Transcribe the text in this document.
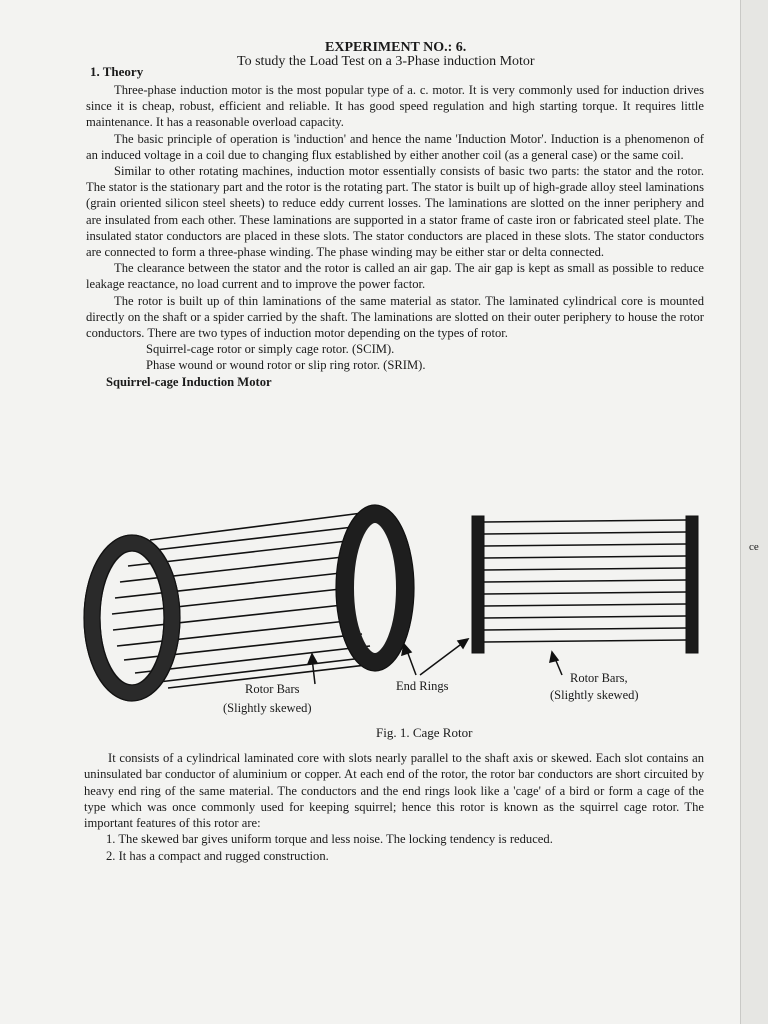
ce
EXPERIMENT NO.: 6.
To study the Load Test on a 3-Phase induction Motor
1. Theory

Three-phase induction motor is the most popular type of a. c. motor. It is very commonly used for induction drives since it is cheap, robust, efficient and reliable. It has good speed regulation and high starting torque. It requires little maintenance. It has a reasonable overload capacity.

The basic principle of operation is 'induction' and hence the name 'Induction Motor'. Induction is a phenomenon of an induced voltage in a coil due to changing flux established by either another coil (as a general case) or the same coil.

Similar to other rotating machines, induction motor essentially consists of basic two parts: the stator and the rotor. The stator is the stationary part and the rotor is the rotating part. The stator is built up of high-grade alloy steel laminations (grain oriented silicon steel sheets) to reduce eddy current losses. The laminations are slotted on the inner periphery and are insulated from each other. These laminations are supported in a stator frame of caste iron or fabricated steel plate. The insulated stator conductors are placed in these slots. The stator conductors are placed in these slots. The stator conductors are connected to form a three-phase winding. The phase winding may be either star or delta connected.

The clearance between the stator and the rotor is called an air gap. The air gap is kept as small as possible to reduce leakage reactance, no load current and to improve the power factor.

The rotor is built up of thin laminations of the same material as stator. The laminated cylindrical core is mounted directly on the shaft or a spider carried by the shaft. The laminations are slotted on their outer periphery to house the rotor conductors. There are two types of induction motor depending on the types of rotor.

Squirrel-cage rotor or simply cage rotor. (SCIM).

Phase wound or wound rotor or slip ring rotor. (SRIM).

Squirrel-cage Induction Motor

Rotor Bars
(Slightly skewed)
End Rings
Rotor Bars,
(Slightly skewed)
Fig. 1. Cage Rotor

It consists of a cylindrical laminated core with slots nearly parallel to the shaft axis or skewed. Each slot contains an uninsulated bar conductor of aluminium or copper. At each end of the rotor, the rotor bar conductors are short circuited by heavy end ring of the same material. The conductors and the end rings look like a 'cage' of a bird or form a cage of the type which was once commonly used for keeping squirrel; hence this rotor is known as the squirrel cage rotor. The important features of this rotor are:

1. The skewed bar gives uniform torque and less noise. The locking tendency is reduced.

2. It has a compact and rugged construction.
